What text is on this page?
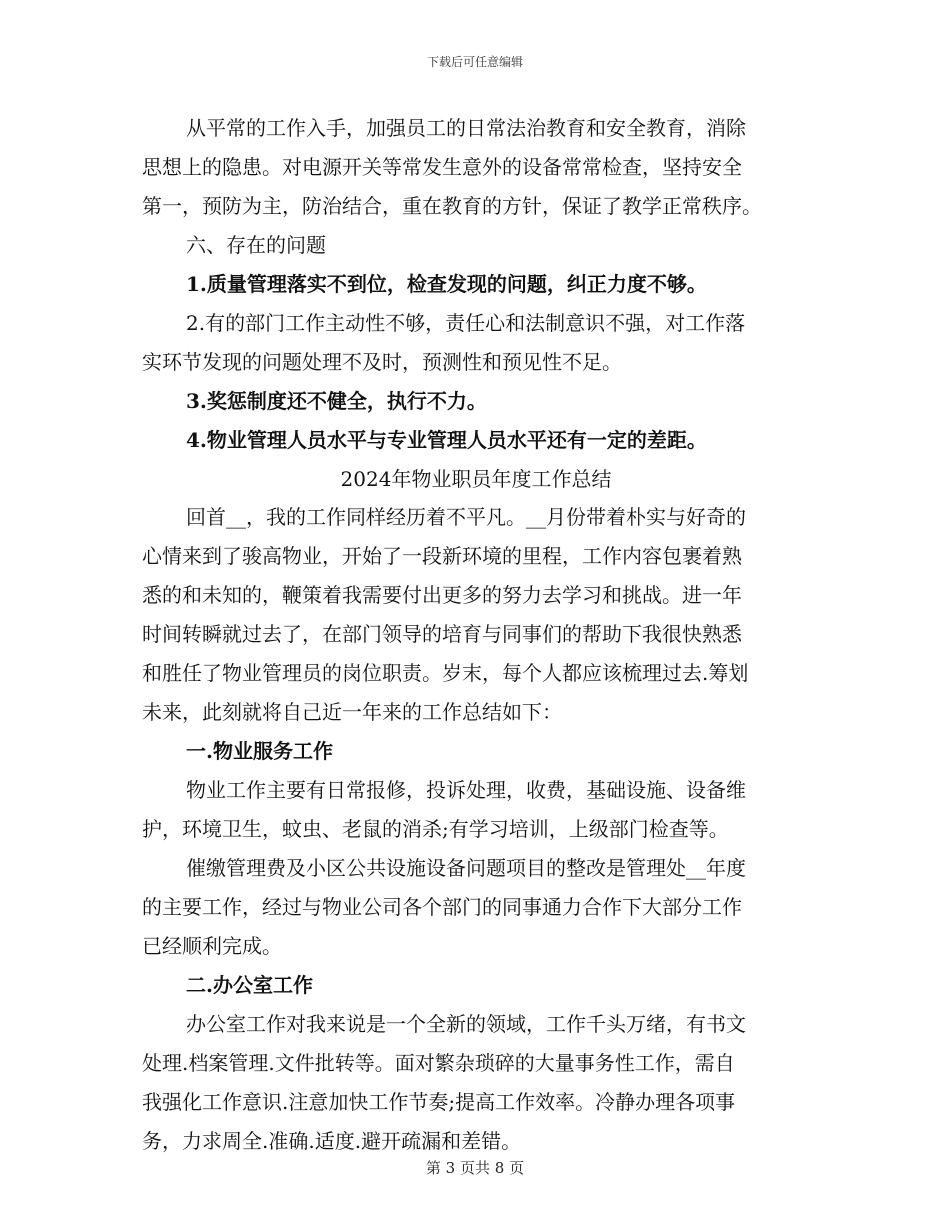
下载后可任意编辑
从平常的工作入手，加强员工的日常法治教育和安全教育，消除
思想上的隐患。对电源开关等常发生意外的设备常常检查，坚持安全
第一，预防为主，防治结合，重在教育的方针，保证了教学正常秩序。
六、存在的问题
1.质量管理落实不到位，检查发现的问题，纠正力度不够。
2.有的部门工作主动性不够，责任心和法制意识不强，对工作落
实环节发现的问题处理不及时，预测性和预见性不足。
3.奖惩制度还不健全，执行不力。
4.物业管理人员水平与专业管理人员水平还有一定的差距。
2024年物业职员年度工作总结
回首__，我的工作同样经历着不平凡。__月份带着朴实与好奇的
心情来到了骏高物业，开始了一段新环境的里程，工作内容包裹着熟
悉的和未知的，鞭策着我需要付出更多的努力去学习和挑战。进一年
时间转瞬就过去了，在部门领导的培育与同事们的帮助下我很快熟悉
和胜任了物业管理员的岗位职责。岁末，每个人都应该梳理过去.筹划
未来，此刻就将自己近一年来的工作总结如下：
一.物业服务工作
物业工作主要有日常报修，投诉处理，收费，基础设施、设备维
护，环境卫生，蚊虫、老鼠的消杀;有学习培训，上级部门检查等。
催缴管理费及小区公共设施设备问题项目的整改是管理处__年度
的主要工作，经过与物业公司各个部门的同事通力合作下大部分工作
已经顺利完成。
二.办公室工作
办公室工作对我来说是一个全新的领域，工作千头万绪，有书文
处理.档案管理.文件批转等。面对繁杂琐碎的大量事务性工作，需自
我强化工作意识.注意加快工作节奏;提高工作效率。冷静办理各项事
务，力求周全.准确.适度.避开疏漏和差错。
第 3 页共 8 页
